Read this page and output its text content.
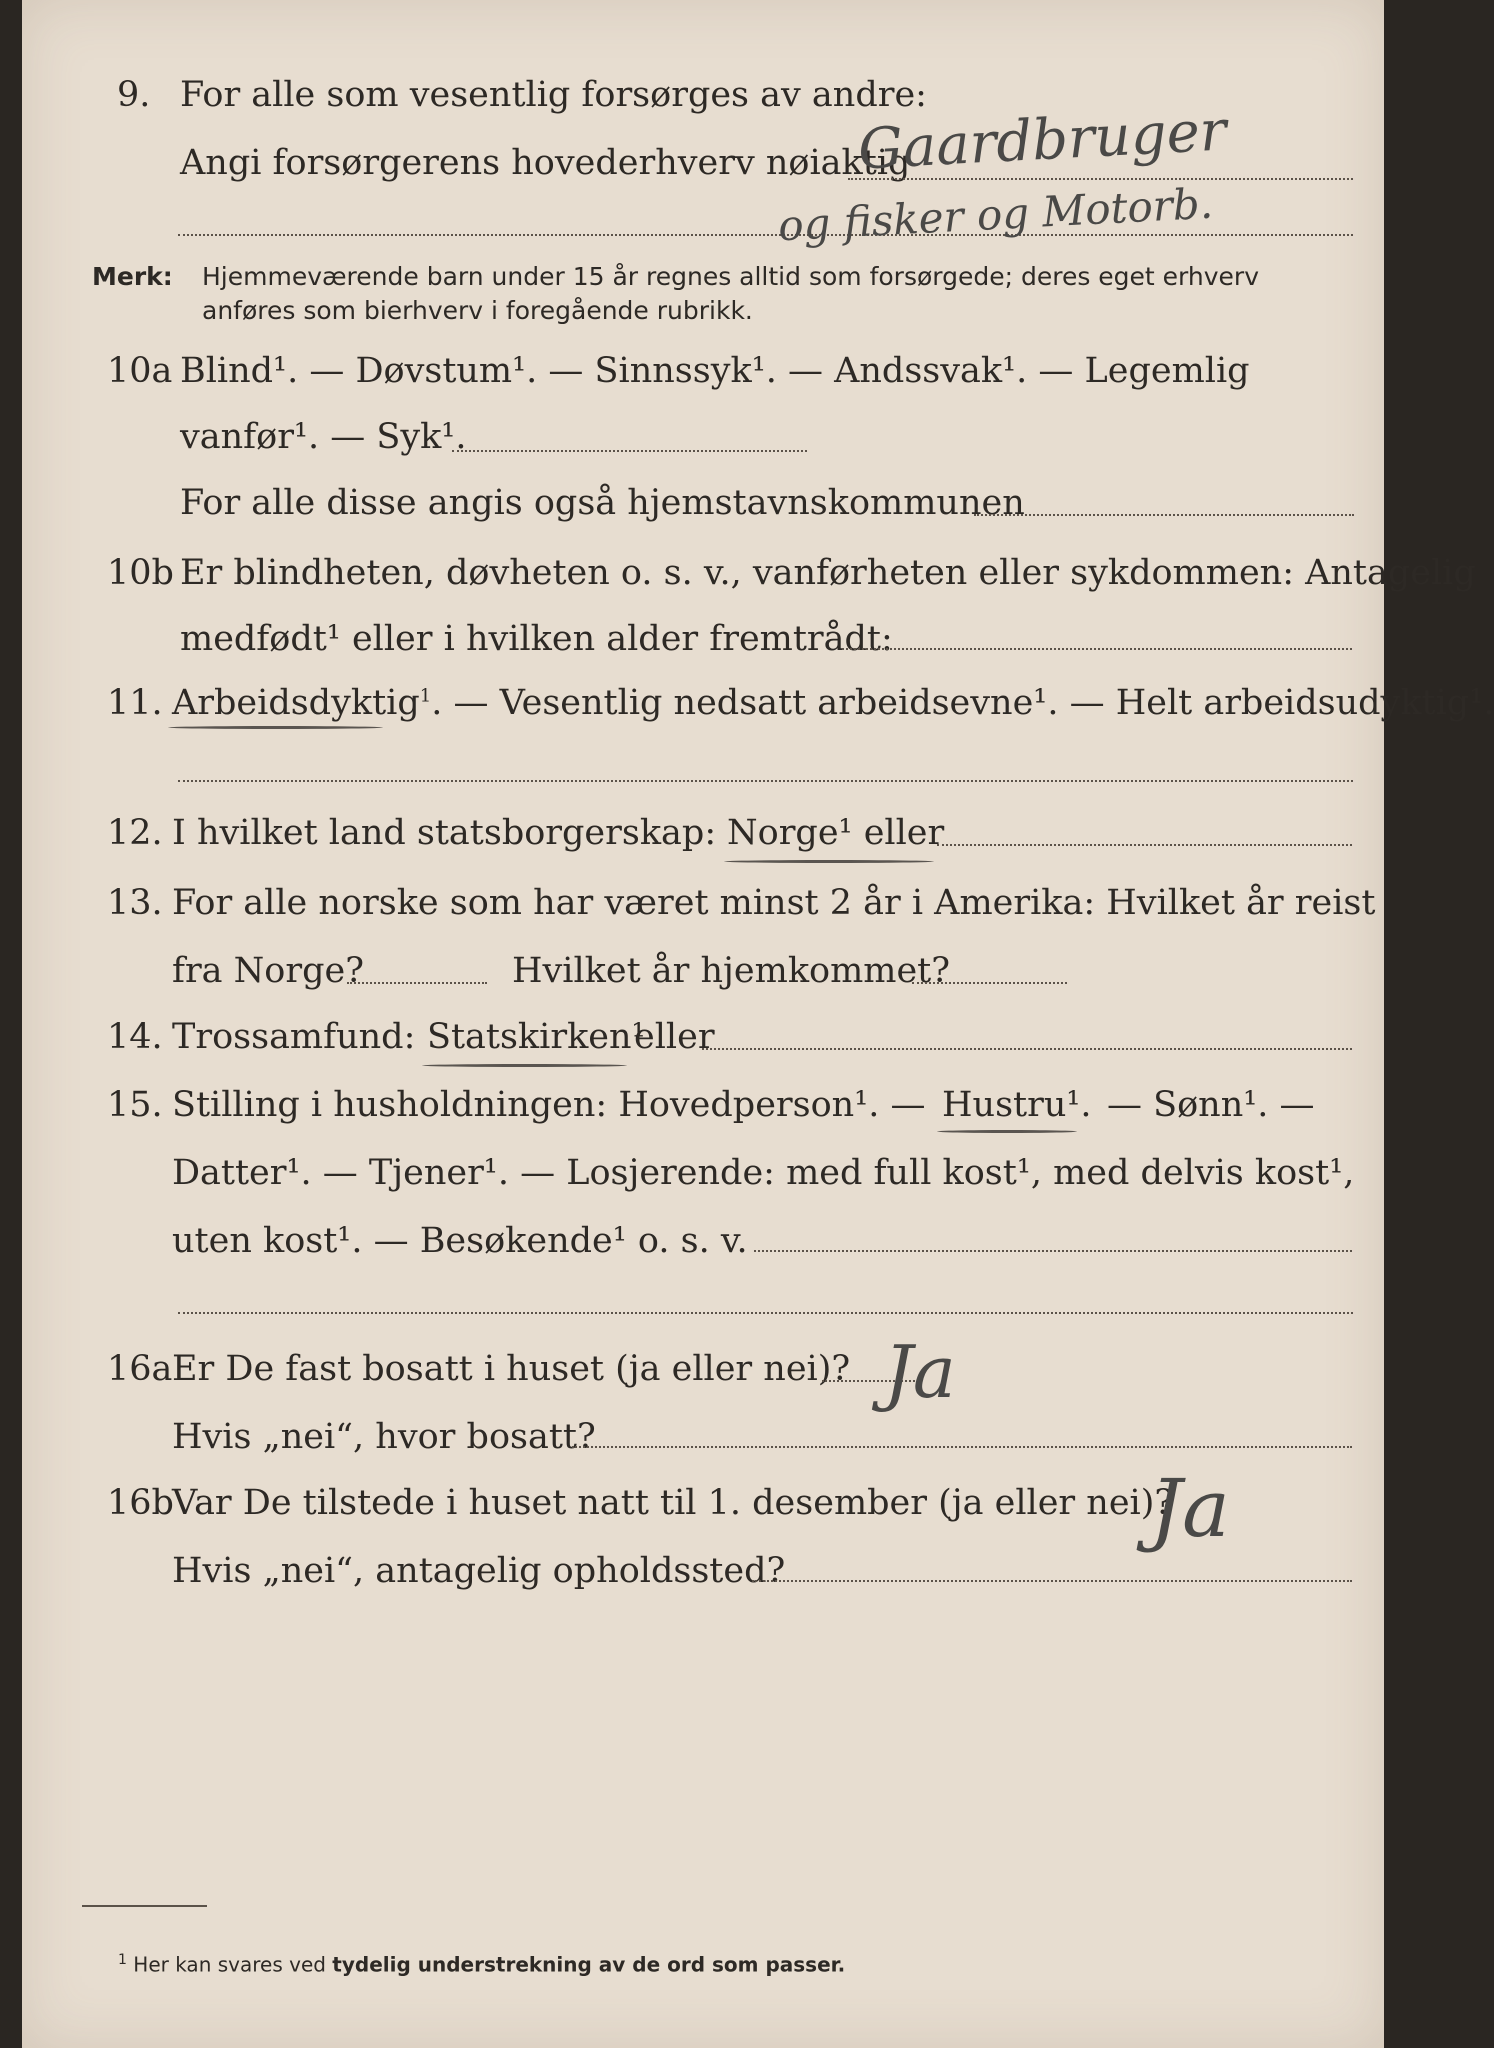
9. For alle som vesentlig forsørges av andre:
Angi forsørgerens hovederhverv nøiaktig
Gaardbruger
og fisker og Motorb.
Merk: Hjemmeværende barn under 15 år regnes alltid som forsørgede; deres eget erhverv
anføres som bierhverv i foregående rubrikk.
10a Blind¹. — Døvstum¹. — Sinnssyk¹. — Andssvak¹. — Legemlig
vanfør¹. — Syk¹.
For alle disse angis også hjemstavnskommunen
10b Er blindheten, døvheten o. s. v., vanførheten eller sykdommen: Antagelig
medfødt¹ eller i hvilken alder fremtrådt:
11. Arbeidsdyktig$^1$. — Vesentlig nedsatt arbeidsevne¹. — Helt arbeidsudyktig¹.
12. I hvilket land statsborgerskap: Norge¹ eller
13. For alle norske som har været minst 2 år i Amerika: Hvilket år reist
fra Norge?	Hvilket år hjemkommet?
14. Trossamfund: Statskirken¹
eller
15. Stilling i husholdningen: Hovedperson¹. — Hustru¹. — Sønn¹. —
Datter¹. — Tjener¹. — Losjerende: med full kost¹, med delvis kost¹,
uten kost¹. — Besøkende¹ o. s. v.
16a Er De fast bosatt i huset (ja eller nei)? Ja
Hvis „nei“, hvor bosatt?
16b
Var De tilstede i huset natt til 1. desember (ja eller nei)?
Ja
Hvis „nei“, antagelig opholdssted?
$^1$ Her kan svares ved tydelig understrekning av de ord som passer.
